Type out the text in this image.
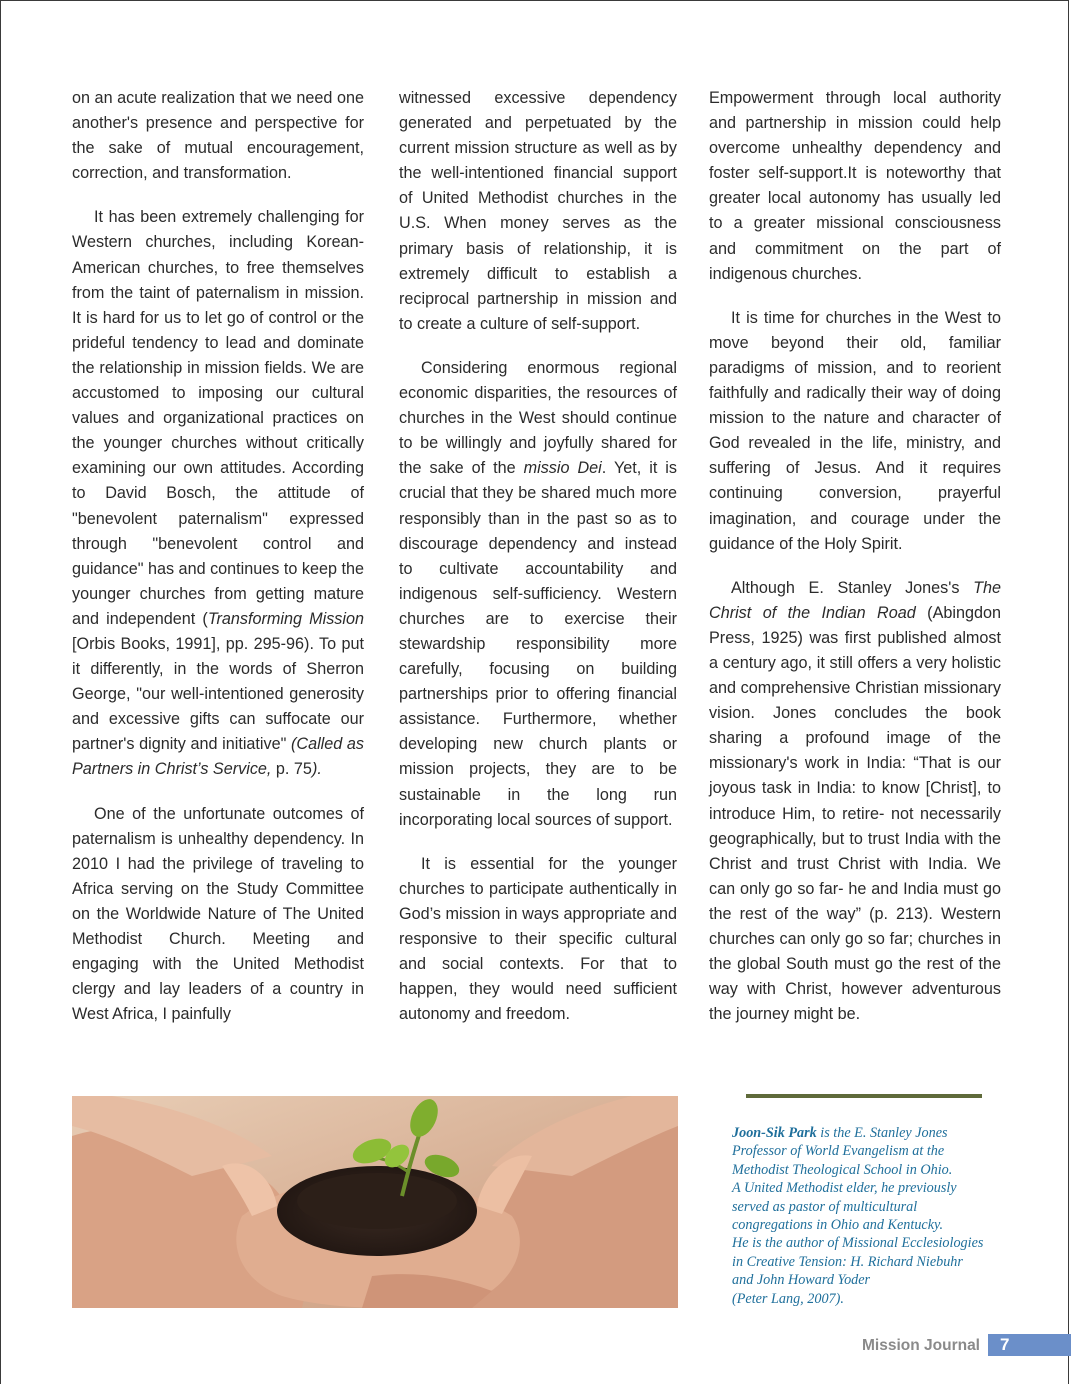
on an acute realization that we need one another's presence and perspective for the sake of mutual encouragement, correction, and transformation.

It has been extremely challenging for Western churches, including Korean-American churches, to free themselves from the taint of paternalism in mission. It is hard for us to let go of control or the prideful tendency to lead and dominate the relationship in mission fields. We are accustomed to imposing our cultural values and organizational practices on the younger churches without critically examining our own attitudes. According to David Bosch, the attitude of "benevolent paternalism" expressed through "benevolent control and guidance" has and continues to keep the younger churches from getting mature and independent (Transforming Mission [Orbis Books, 1991], pp. 295-96). To put it differently, in the words of Sherron George, "our well-intentioned generosity and excessive gifts can suffocate our partner's dignity and initiative" (Called as Partners in Christ’s Service, p. 75).

One of the unfortunate outcomes of paternalism is unhealthy dependency. In 2010 I had the privilege of traveling to Africa serving on the Study Committee on the Worldwide Nature of The United Methodist Church. Meeting and engaging with the United Methodist clergy and lay leaders of a country in West Africa, I painfully

witnessed excessive dependency generated and perpetuated by the current mission structure as well as by the well-intentioned financial support of United Methodist churches in the U.S. When money serves as the primary basis of relationship, it is extremely difficult to establish a reciprocal partnership in mission and to create a culture of self-support.

Considering enormous regional economic disparities, the resources of churches in the West should continue to be willingly and joyfully shared for the sake of the missio Dei. Yet, it is crucial that they be shared much more responsibly than in the past so as to discourage dependency and instead to cultivate accountability and indigenous self-sufficiency. Western churches are to exercise their stewardship responsibility more carefully, focusing on building partnerships prior to offering financial assistance. Furthermore, whether developing new church plants or mission projects, they are to be sustainable in the long run incorporating local sources of support.

It is essential for the younger churches to participate authentically in God’s mission in ways appropriate and responsive to their specific cultural and social contexts. For that to happen, they would need sufficient autonomy and freedom.

Empowerment through local authority and partnership in mission could help overcome unhealthy dependency and foster self-support.It is noteworthy that greater local autonomy has usually led to a greater missional consciousness and commitment on the part of indigenous churches.

It is time for churches in the West to move beyond their old, familiar paradigms of mission, and to reorient faithfully and radically their way of doing mission to the nature and character of God revealed in the life, ministry, and suffering of Jesus. And it requires continuing conversion, prayerful imagination, and courage under the guidance of the Holy Spirit.

Although E. Stanley Jones's The Christ of the Indian Road (Abingdon Press, 1925) was first published almost a century ago, it still offers a very holistic and comprehensive Christian missionary vision. Jones concludes the book sharing a profound image of the missionary's work in India: “That is our joyous task in India: to know [Christ], to introduce Him, to retire- not necessarily geographically, but to trust India with the Christ and trust Christ with India. We can only go so far- he and India must go the rest of the way” (p. 213). Western churches can only go so far; churches in the global South must go the rest of the way with Christ, however adventurous the journey might be.

Joon-Sik Park is the E. Stanley Jones
Professor of World Evangelism at the
Methodist Theological School in Ohio.
A United Methodist elder, he previously
served as pastor of multicultural
congregations in Ohio and Kentucky.
He is the author of Missional Ecclesiologies
in Creative Tension: H. Richard Niebuhr
and John Howard Yoder
(Peter Lang, 2007).
Mission Journal	7
